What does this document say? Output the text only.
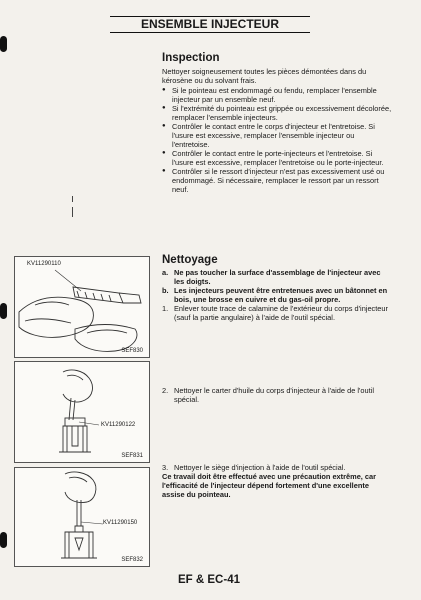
ENSEMBLE INJECTEUR
Inspection
Nettoyer soigneusement toutes les pièces démontées dans du kérosène ou du solvant frais.
● Si le pointeau est endommagé ou fendu, remplacer l'ensemble injecteur par un ensemble neuf.
● Si l'extrémité du pointeau est grippée ou excessivement décolorée, remplacer l'ensemble injecteurs.
● Contrôler le contact entre le corps d'injecteur et l'entretoise. Si l'usure est excessive, remplacer l'ensemble injecteur ou l'entretoise.
● Contrôler le contact entre le porte-injecteurs et l'entretoise. Si l'usure est excessive, remplacer l'entretoise ou le porte-injecteur.
● Contrôler si le ressort d'injecteur n'est pas excessivement usé ou endommagé. Si nécessaire, remplacer le ressort par un ressort neuf.
Nettoyage
a. Ne pas toucher la surface d'assemblage de l'injecteur avec les doigts.
b. Les injecteurs peuvent être entretenues avec un bâtonnet en bois, une brosse en cuivre et du gas-oil propre.
1. Enlever toute trace de calamine de l'extérieur du corps d'injecteur (sauf la partie angulaire) à l'aide de l'outil spécial.
2. Nettoyer le carter d'huile du corps d'injecteur à l'aide de l'outil spécial.
3. Nettoyer le siège d'injection à l'aide de l'outil spécial.
Ce travail doit être effectué avec une précaution extrême, car l'efficacité de l'injecteur dépend fortement d'une excellente assise du pointeau.
KV11290110
SEF830
KV11290122
SEF831
KV11290150
SEF832
EF & EC-41
